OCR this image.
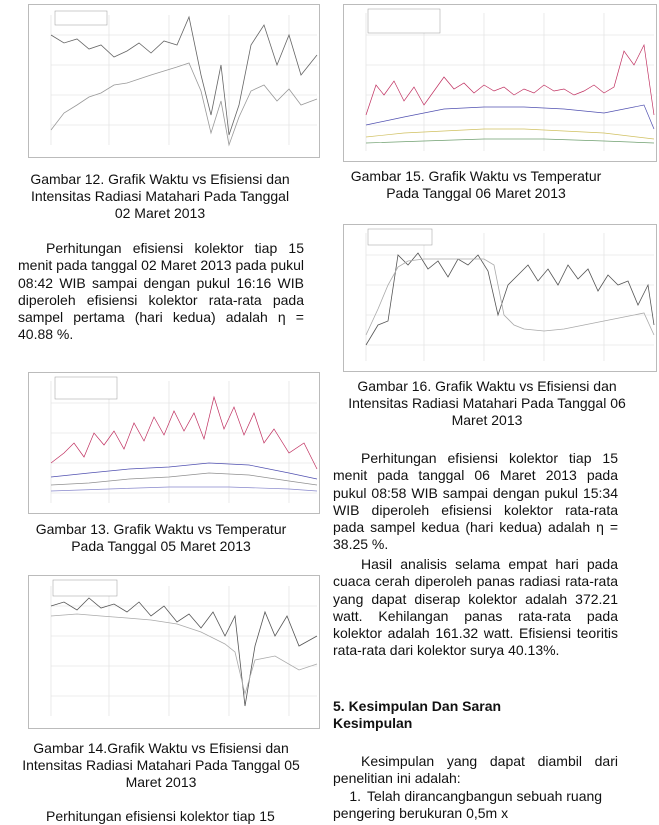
Gambar 12. Grafik Waktu vs Efisiensi dan Intensitas Radiasi Matahari Pada Tanggal 02 Maret 2013
Perhitungan efisiensi kolektor tiap 15 menit pada tanggal 02 Maret 2013 pada pukul 08:42 WIB sampai dengan pukul 16:16 WIB diperoleh efisiensi kolektor rata-rata pada sampel pertama (hari kedua) adalah η = 40.88 %.
Gambar 13. Grafik Waktu vs Temperatur Pada Tanggal 05 Maret 2013
Gambar 14.Grafik Waktu vs Efisiensi dan Intensitas Radiasi Matahari Pada Tanggal 05 Maret 2013
Perhitungan efisiensi kolektor tiap 15
Gambar 15. Grafik Waktu vs Temperatur Pada Tanggal 06 Maret 2013
Gambar 16. Grafik Waktu vs Efisiensi dan Intensitas Radiasi Matahari Pada Tanggal 06 Maret 2013
Perhitungan efisiensi kolektor tiap 15 menit pada tanggal 06 Maret 2013 pada pukul 08:58 WIB sampai dengan pukul 15:34 WIB diperoleh efisiensi kolektor rata-rata pada sampel kedua (hari kedua) adalah η = 38.25 %.
Hasil analisis selama empat hari pada cuaca cerah diperoleh panas radiasi rata-rata yang dapat diserap kolektor adalah 372.21 watt. Kehilangan panas rata-rata pada kolektor adalah 161.32 watt. Efisiensi teoritis rata-rata dari kolektor surya 40.13%.
5. Kesimpulan Dan Saran
Kesimpulan
Kesimpulan yang dapat diambil dari penelitian ini adalah:
1. Telah dirancangbangun sebuah ruang pengering berukuran 0,5m x
